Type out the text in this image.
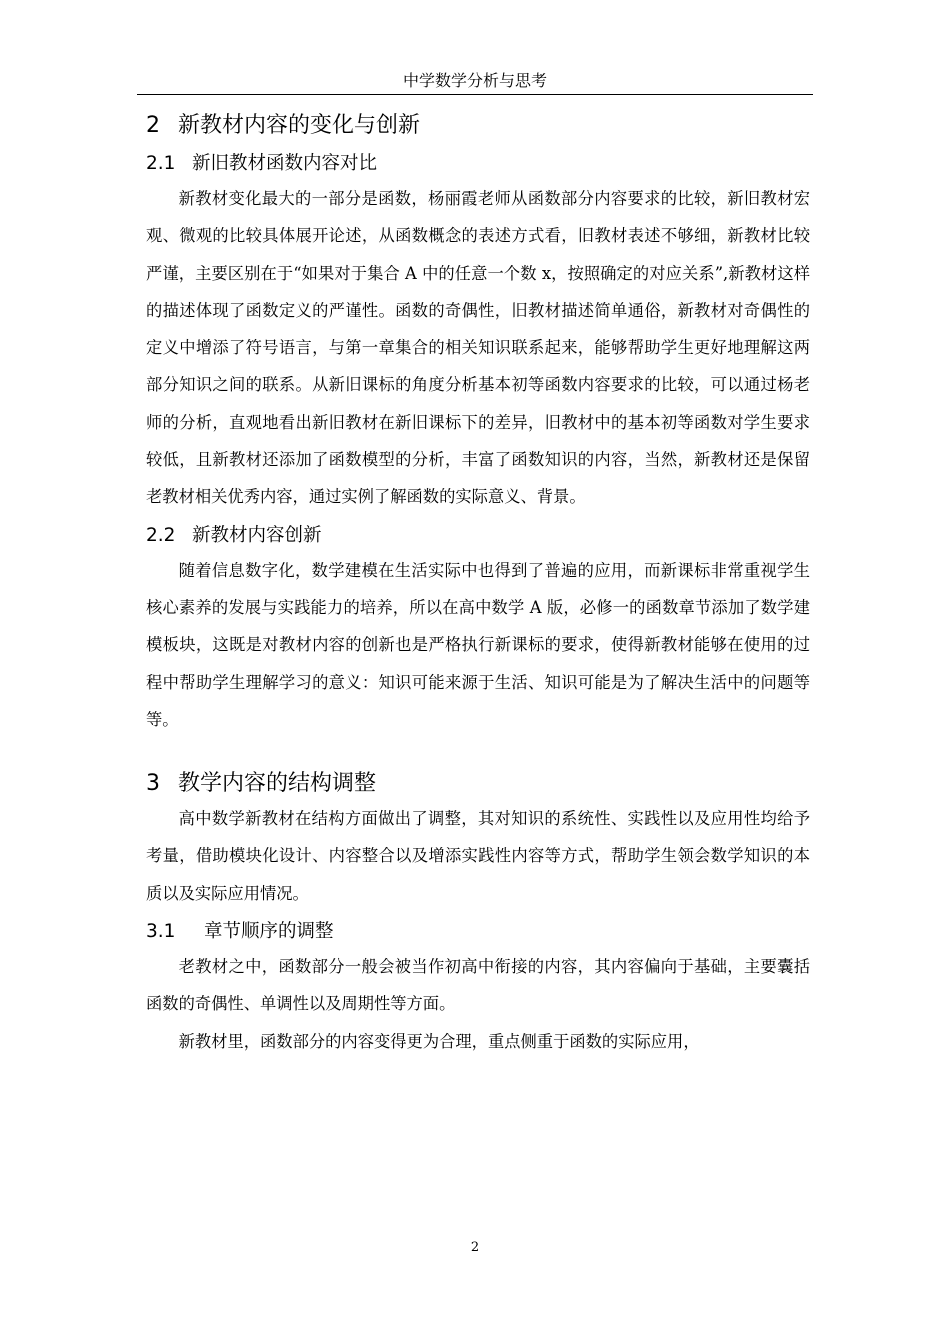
中学数学分析与思考
2 新教材内容的变化与创新
2.1 新旧教材函数内容对比

新教材变化最大的一部分是函数，杨丽霞老师从函数部分内容要求的比较，新旧教材宏观、微观的比较具体展开论述，从函数概念的表述方式看，旧教材表述不够细，新教材比较严谨，主要区别在于“如果对于集合 A 中的任意一个数 x，按照确定的对应关系”,新教材这样的描述体现了函数定义的严谨性。函数的奇偶性，旧教材描述简单通俗，新教材对奇偶性的定义中增添了符号语言，与第一章集合的相关知识联系起来，能够帮助学生更好地理解这两部分知识之间的联系。从新旧课标的角度分析基本初等函数内容要求的比较，可以通过杨老师的分析，直观地看出新旧教材在新旧课标下的差异，旧教材中的基本初等函数对学生要求较低，且新教材还添加了函数模型的分析，丰富了函数知识的内容，当然，新教材还是保留老教材相关优秀内容，通过实例了解函数的实际意义、背景。

2.2 新教材内容创新

随着信息数字化，数学建模在生活实际中也得到了普遍的应用，而新课标非常重视学生核心素养的发展与实践能力的培养，所以在高中数学 A 版，必修一的函数章节添加了数学建模板块，这既是对教材内容的创新也是严格执行新课标的要求，使得新教材能够在使用的过程中帮助学生理解学习的意义：知识可能来源于生活、知识可能是为了解决生活中的问题等等。

3 教学内容的结构调整

高中数学新教材在结构方面做出了调整，其对知识的系统性、实践性以及应用性均给予考量，借助模块化设计、内容整合以及增添实践性内容等方式，帮助学生领会数学知识的本质以及实际应用情况。

3.1 章节顺序的调整

老教材之中，函数部分一般会被当作初高中衔接的内容，其内容偏向于基础，主要囊括函数的奇偶性、单调性以及周期性等方面。

新教材里，函数部分的内容变得更为合理，重点侧重于函数的实际应用，

2
